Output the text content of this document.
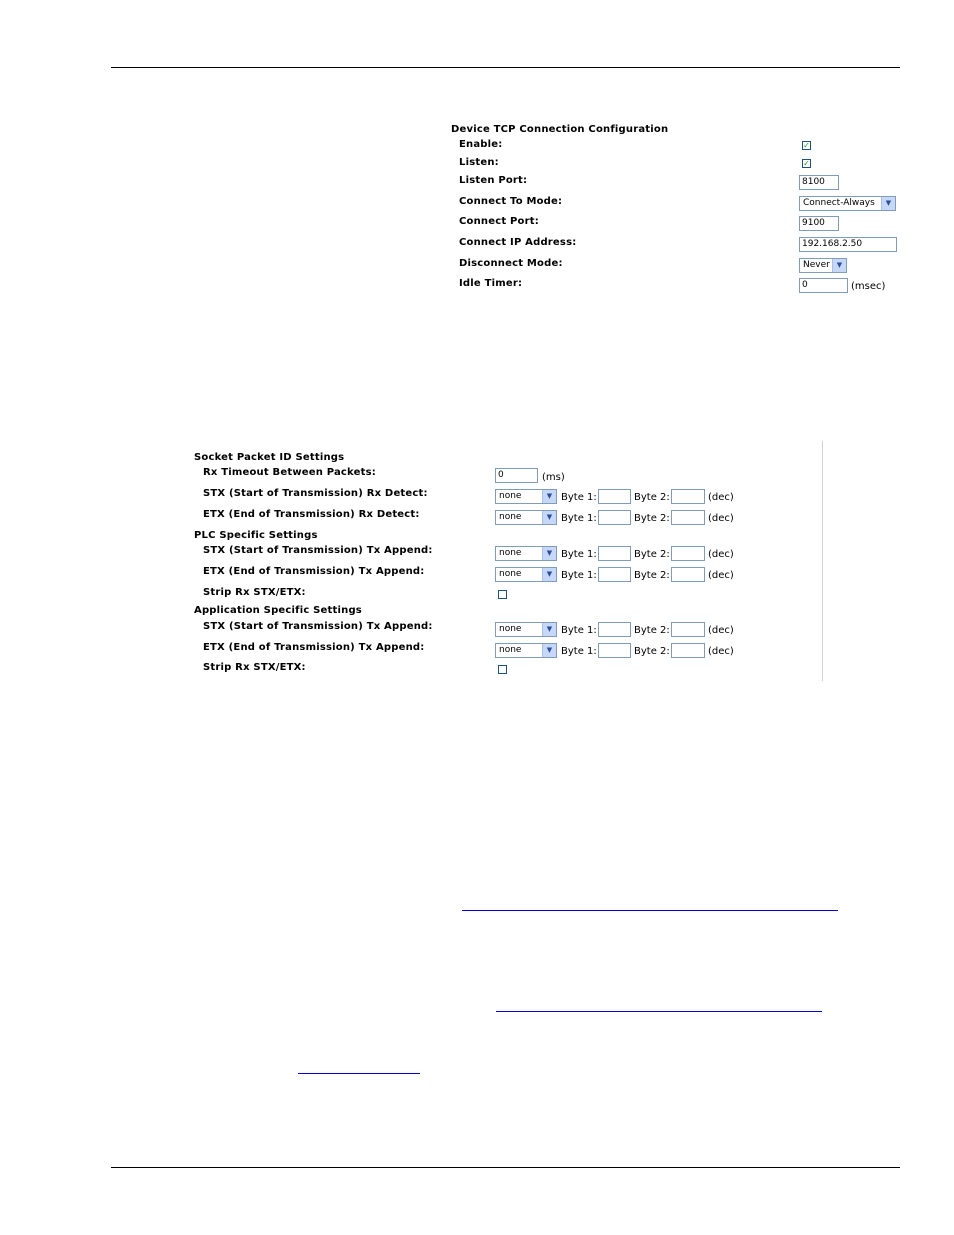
Device TCP Connection Configuration
Enable:	✓
Listen:	✓
Listen Port:	8100
Connect To Mode:	Connect-Always	▼
Connect Port:	9100
Connect IP Address:	192.168.2.50
Disconnect Mode:	Never ▼
Idle Timer:	0	(msec)
Socket Packet ID Settings
Rx Timeout Between Packets:	0	(ms)
STX (Start of Transmission) Rx Detect:	none	▼ Byte 1:	Byte 2:	(dec)
ETX (End of Transmission) Rx Detect:	none	▼ Byte 1:	Byte 2:	(dec)
PLC Specific Settings
STX (Start of Transmission) Tx Append:	none	▼ Byte 1:	Byte 2:	(dec)
ETX (End of Transmission) Tx Append:	none	▼ Byte 1:	Byte 2:	(dec)
Strip Rx STX/ETX:
Application Specific Settings
STX (Start of Transmission) Tx Append:	none	▼ Byte 1:	Byte 2:	(dec)
ETX (End of Transmission) Tx Append:	none	▼ Byte 1:	Byte 2:	(dec)
Strip Rx STX/ETX:
